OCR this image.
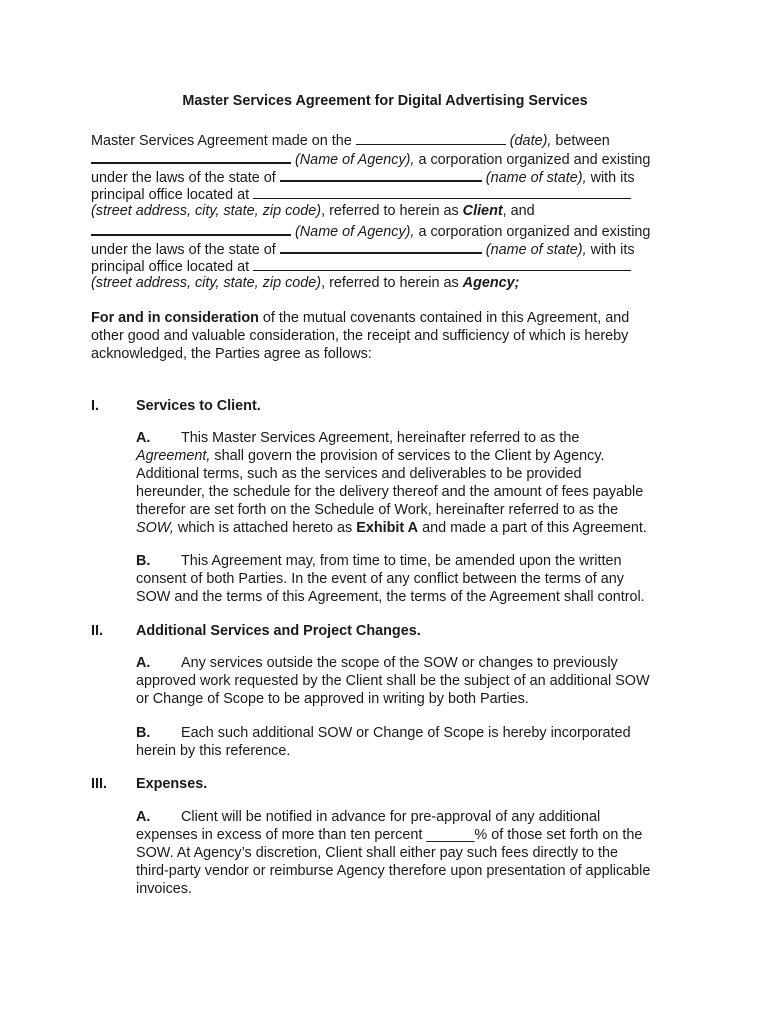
Master Services Agreement for Digital Advertising Services
Master Services Agreement made on the	(date), between
(Name of Agency), a corporation organized and existing
under the laws of the state of	(name of state), with its
principal office located at
(street address, city, state, zip code), referred to herein as Client, and
(Name of Agency), a corporation organized and existing
under the laws of the state of	(name of state), with its
principal office located at
(street address, city, state, zip code), referred to herein as Agency;
For and in consideration of the mutual covenants contained in this Agreement, and
other good and valuable consideration, the receipt and sufficiency of which is hereby
acknowledged, the Parties agree as follows:
I.	Services to Client.
A. This Master Services Agreement, hereinafter referred to as the
Agreement, shall govern the provision of services to the Client by Agency.
Additional terms, such as the services and deliverables to be provided
hereunder, the schedule for the delivery thereof and the amount of fees payable
therefor are set forth on the Schedule of Work, hereinafter referred to as the
SOW, which is attached hereto as Exhibit A and made a part of this Agreement.
B. This Agreement may, from time to time, be amended upon the written
consent of both Parties. In the event of any conflict between the terms of any
SOW and the terms of this Agreement, the terms of the Agreement shall control.
II. Additional Services and Project Changes.
A. Any services outside the scope of the SOW or changes to previously
approved work requested by the Client shall be the subject of an additional SOW
or Change of Scope to be approved in writing by both Parties.
B. Each such additional SOW or Change of Scope is hereby incorporated
herein by this reference.
III. Expenses.
A. Client will be notified in advance for pre-approval of any additional
expenses in excess of more than ten percent ______% of those set forth on the
SOW. At Agency’s discretion, Client shall either pay such fees directly to the
third-party vendor or reimburse Agency therefore upon presentation of applicable
invoices.
